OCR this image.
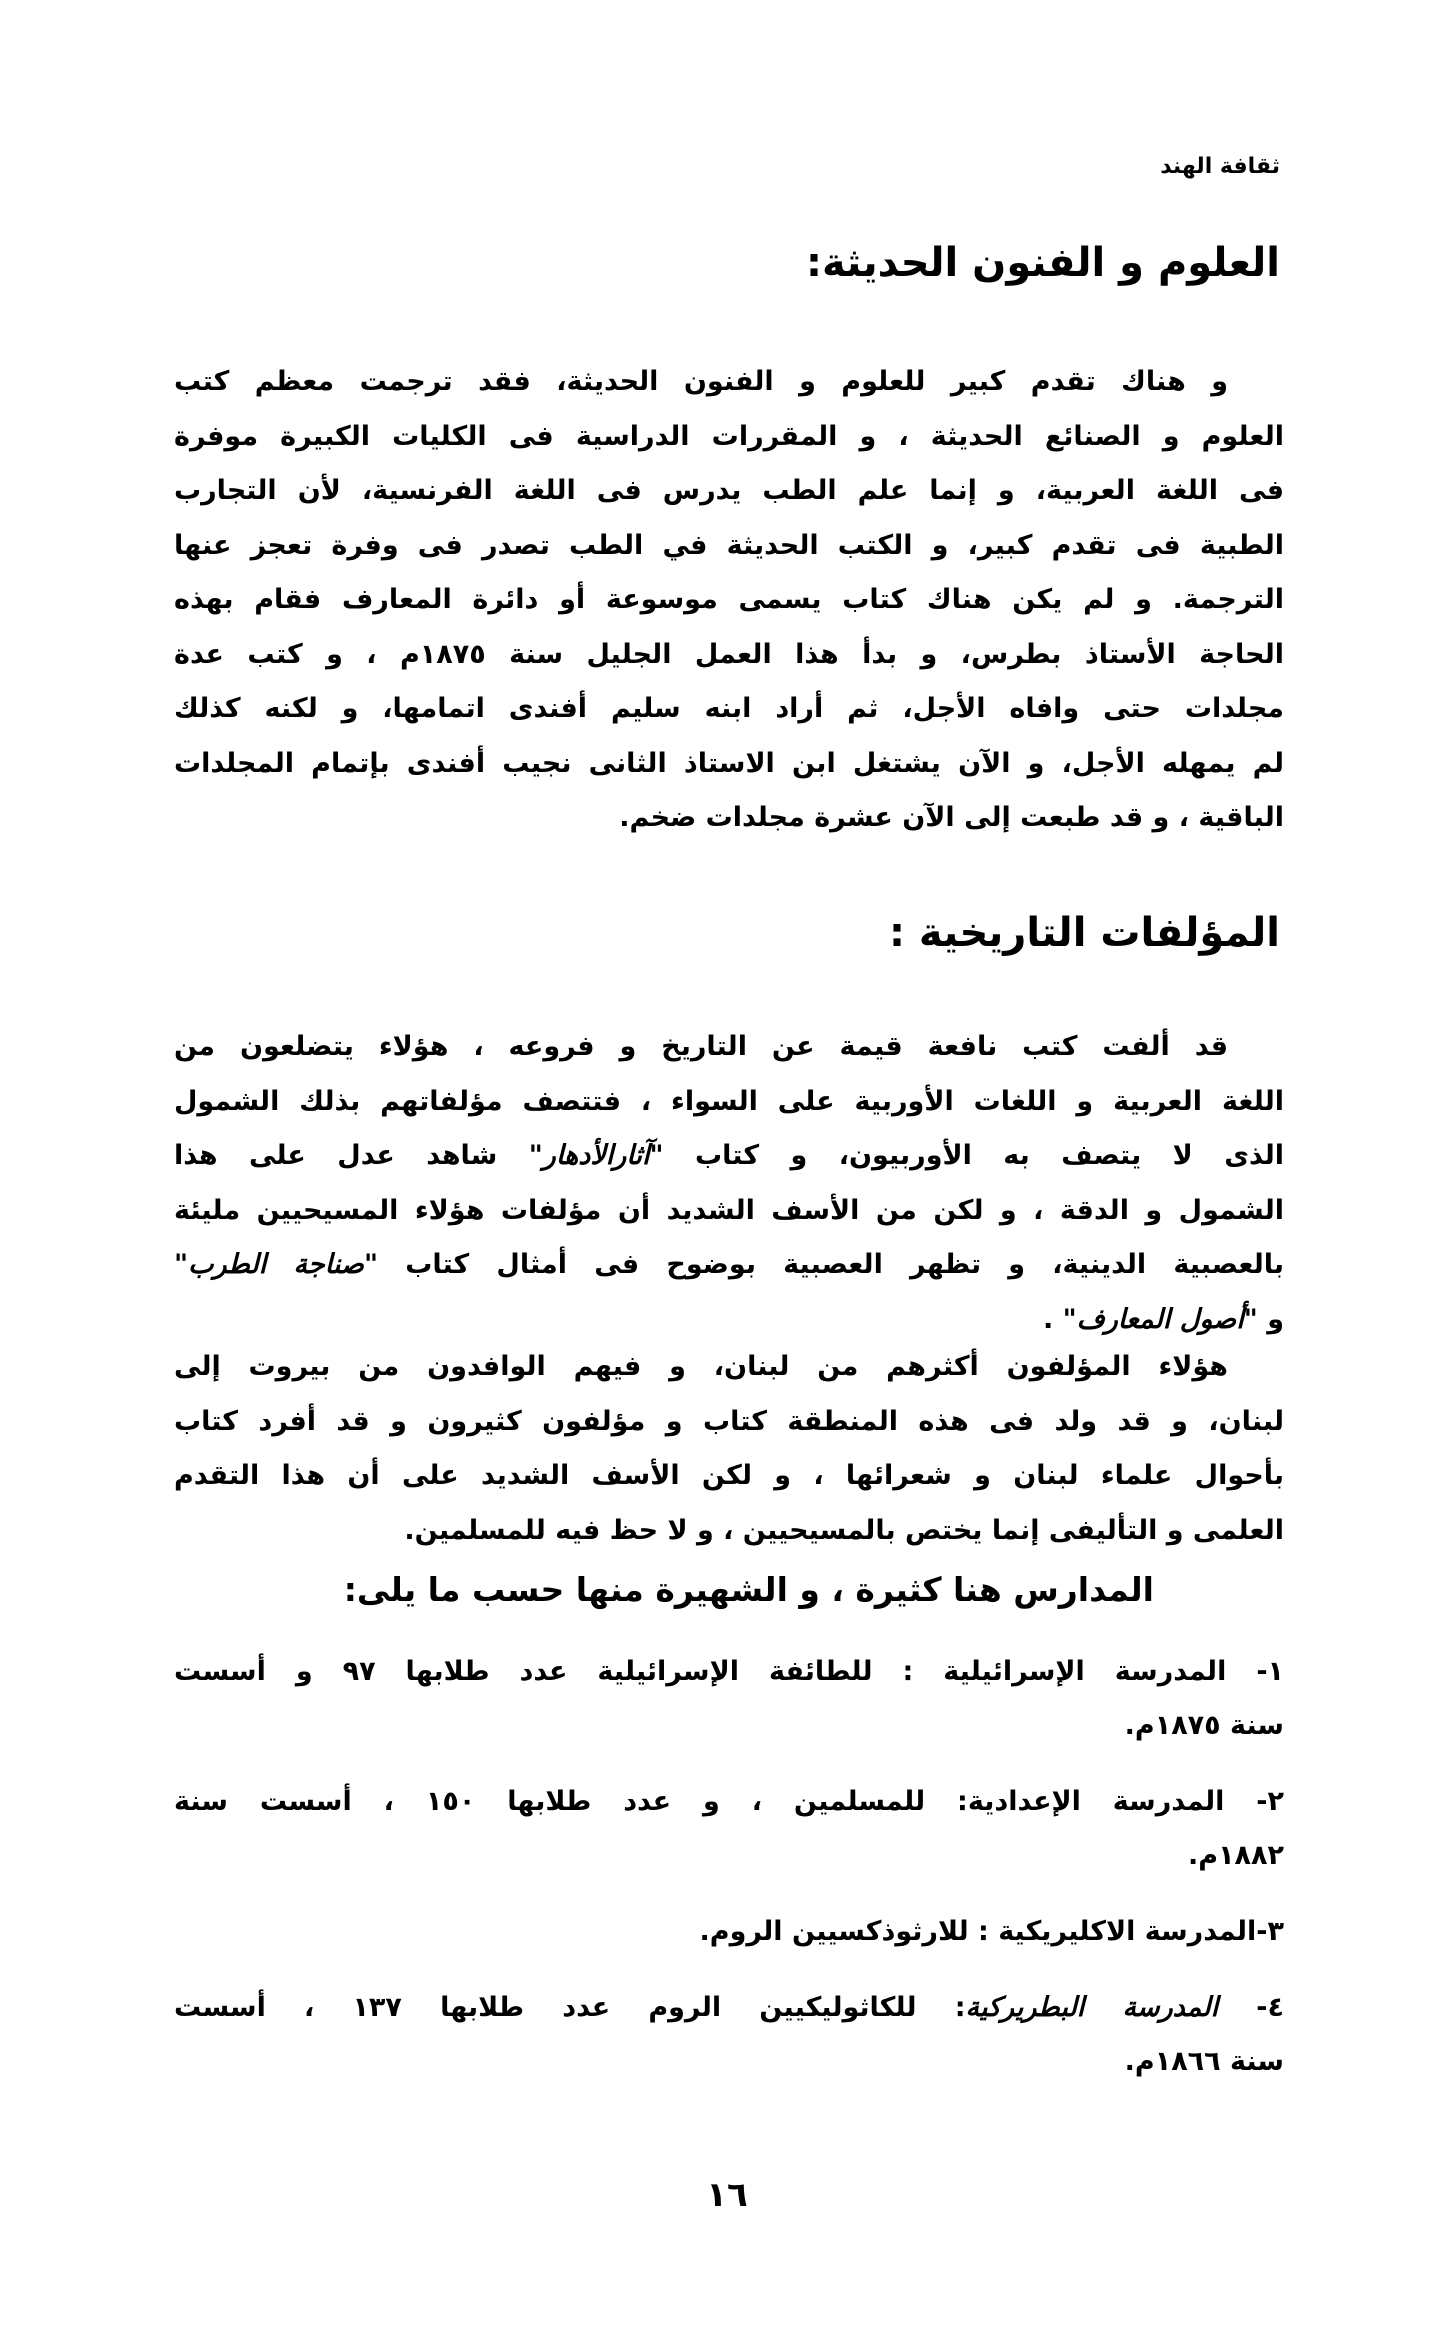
ثقافة الهند
العلوم و الفنون الحديثة:
و هناك تقدم كبير للعلوم و الفنون الحديثة، فقد ترجمت معظم كتب
العلوم و الصنائع الحديثة ، و المقررات الدراسية فى الكليات الكبيرة موفرة
فى اللغة العربية، و إنما علم الطب يدرس فى اللغة الفرنسية، لأن التجارب
الطبية فى تقدم كبير، و الكتب الحديثة في الطب تصدر فى وفرة تعجز عنها
الترجمة. و لم يكن هناك كتاب يسمى موسوعة أو دائرة المعارف فقام بهذه
الحاجة الأستاذ بطرس، و بدأ هذا العمل الجليل سنة ١٨٧٥م ، و كتب عدة
مجلدات حتى وافاه الأجل، ثم أراد ابنه سليم أفندى اتمامها، و لكنه كذلك
لم يمهله الأجل، و الآن يشتغل ابن الاستاذ الثانى نجيب أفندى بإتمام المجلدات
الباقية ، و قد طبعت إلى الآن عشرة مجلدات ضخم.
المؤلفات التاريخية :
قد ألفت كتب نافعة قيمة عن التاريخ و فروعه ، هؤلاء يتضلعون من
اللغة العربية و اللغات الأوربية على السواء ، فتتصف مؤلفاتهم بذلك الشمول
الذى لا يتصف به الأوربيون، و كتاب "آثارالأدهار" شاهد عدل على هذا
الشمول و الدقة ، و لكن من الأسف الشديد أن مؤلفات هؤلاء المسيحيين مليئة
بالعصبية الدينية، و تظهر العصبية بوضوح فى أمثال كتاب "صناجة الطرب"
و "أصول المعارف" .
هؤلاء المؤلفون أكثرهم من لبنان، و فيهم الوافدون من بيروت إلى
لبنان، و قد ولد فى هذه المنطقة كتاب و مؤلفون كثيرون و قد أفرد كتاب
بأحوال علماء لبنان و شعرائها ، و لكن الأسف الشديد على أن هذا التقدم
العلمى و التأليفى إنما يختص بالمسيحيين ، و لا حظ فيه للمسلمين.
المدارس هنا كثيرة ، و الشهيرة منها حسب ما يلى:
١- المدرسة الإسرائيلية : للطائفة الإسرائيلية عدد طلابها ٩٧ و أسست
سنة ١٨٧٥م.
٢- المدرسة الإعدادية: للمسلمين ، و عدد طلابها ١٥٠ ، أسست سنة
١٨٨٢م.
٣-المدرسة الاكليريكية : للارثوذكسيين الروم.
٤- المدرسة البطريركية: للكاثوليكيين الروم عدد طلابها ١٣٧ ، أسست
سنة ١٨٦٦م.
١٦
